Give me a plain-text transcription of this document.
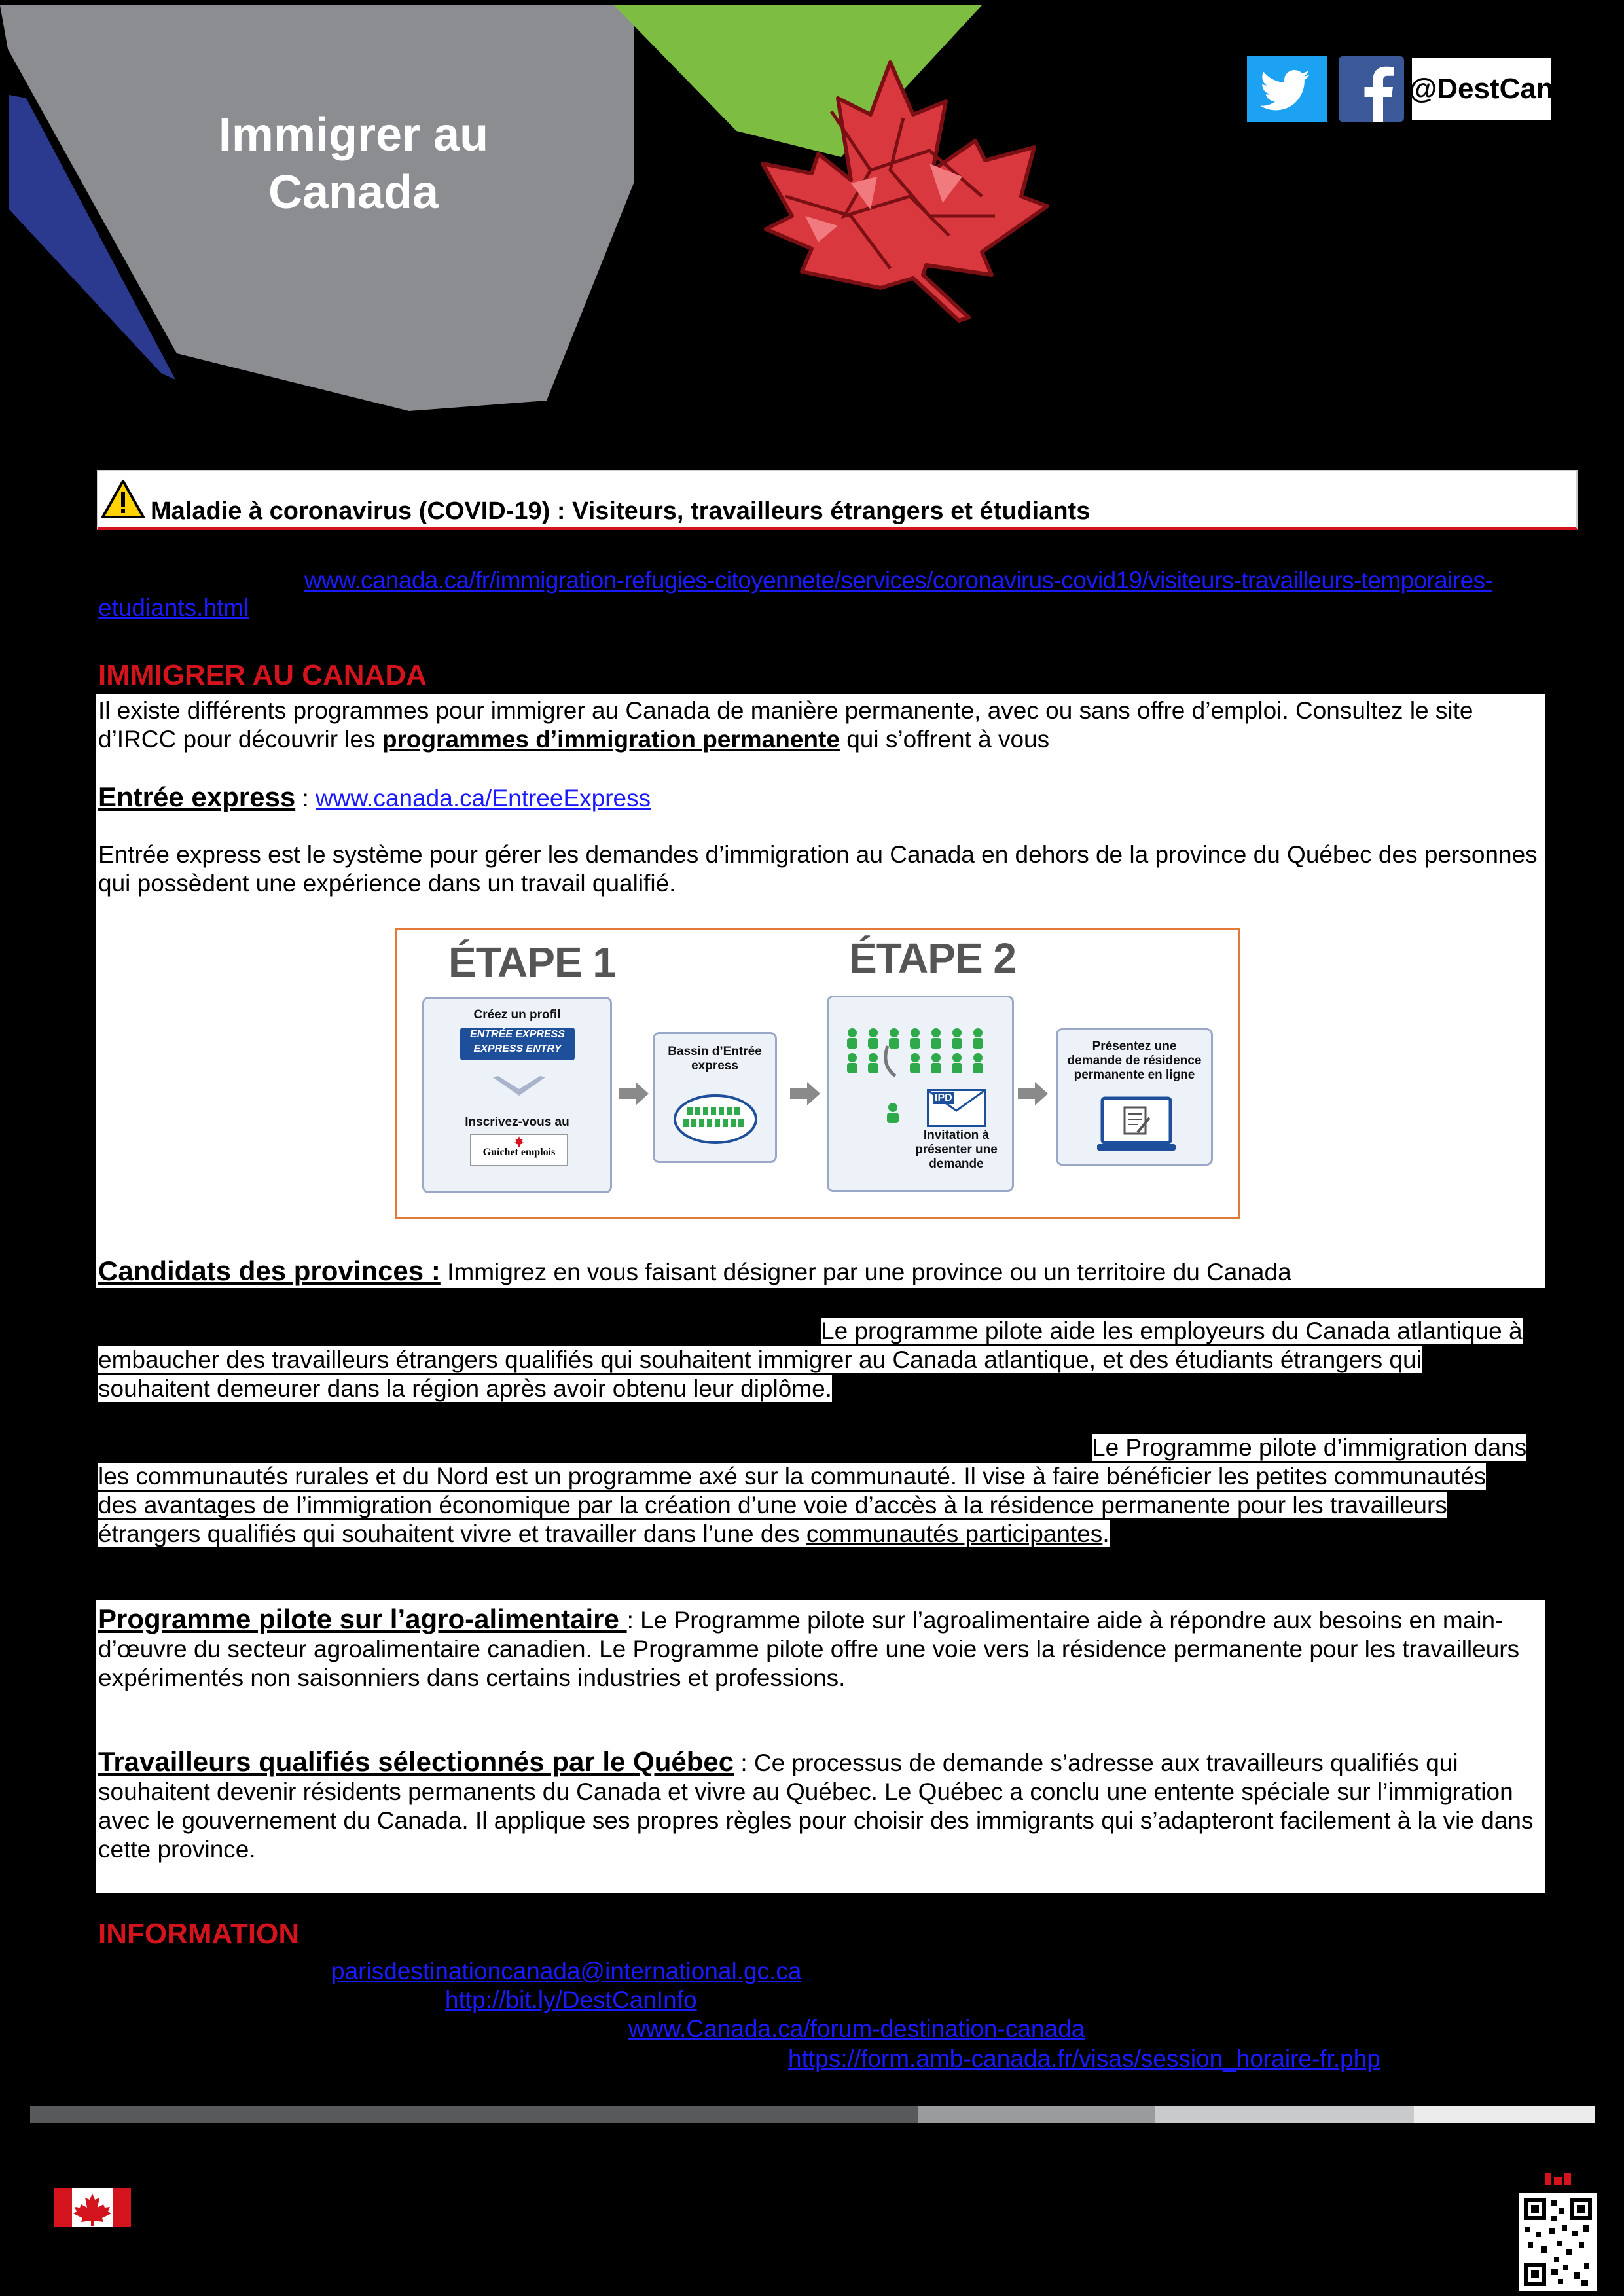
Immigrer au
Canada
@DestCan
Maladie à coronavirus (COVID-19) : Visiteurs, travailleurs étrangers et étudiants
www.canada.ca/fr/immigration-refugies-citoyennete/services/coronavirus-covid19/visiteurs-travailleurs-temporaires-
etudiants.html
IMMIGRER AU CANADA
Il existe différents programmes pour immigrer au Canada de manière permanente, avec ou sans offre d’emploi. Consultez le site d’IRCC pour découvrir les programmes d’immigration permanente qui s’offrent à vous
Entrée express : www.canada.ca/EntreeExpress
Entrée express est le système pour gérer les demandes d’immigration au Canada en dehors de la province du Québec des personnes qui possèdent une expérience dans un travail qualifié.
ÉTAPE 1	ÉTAPE 2
Créez un profil
ENTRÉE EXPRESS
EXPRESS ENTRY
Inscrivez-vous au
Guichet emplois
Bassin d’Entrée express
IPD
Invitation à présenter une demande
Présentez une demande de résidence permanente en ligne
Candidats des provinces : Immigrez en vous faisant désigner par une province ou un territoire du Canada
Le programme pilote aide les employeurs du Canada atlantique à
embaucher des travailleurs étrangers qualifiés qui souhaitent immigrer au Canada atlantique, et des étudiants étrangers qui
souhaitent demeurer dans la région après avoir obtenu leur diplôme.
Le Programme pilote d’immigration dans
les communautés rurales et du Nord est un programme axé sur la communauté. Il vise à faire bénéficier les petites communautés
des avantages de l’immigration économique par la création d’une voie d’accès à la résidence permanente pour les travailleurs
étrangers qualifiés qui souhaitent vivre et travailler dans l’une des communautés participantes.
Programme pilote sur l’agro-alimentaire : Le Programme pilote sur l’agroalimentaire aide à répondre aux besoins en main-d’œuvre du secteur agroalimentaire canadien. Le Programme pilote offre une voie vers la résidence permanente pour les travailleurs expérimentés non saisonniers dans certains industries et professions.
Travailleurs qualifiés sélectionnés par le Québec : Ce processus de demande s’adresse aux travailleurs qualifiés qui souhaitent devenir résidents permanents du Canada et vivre au Québec. Le Québec a conclu une entente spéciale sur l’immigration avec le gouvernement du Canada. Il applique ses propres règles pour choisir des immigrants qui s’adapteront facilement à la vie dans cette province.
INFORMATION
parisdestinationcanada@international.gc.ca
http://bit.ly/DestCanInfo
www.Canada.ca/forum-destination-canada
https://form.amb-canada.fr/visas/session_horaire-fr.php
